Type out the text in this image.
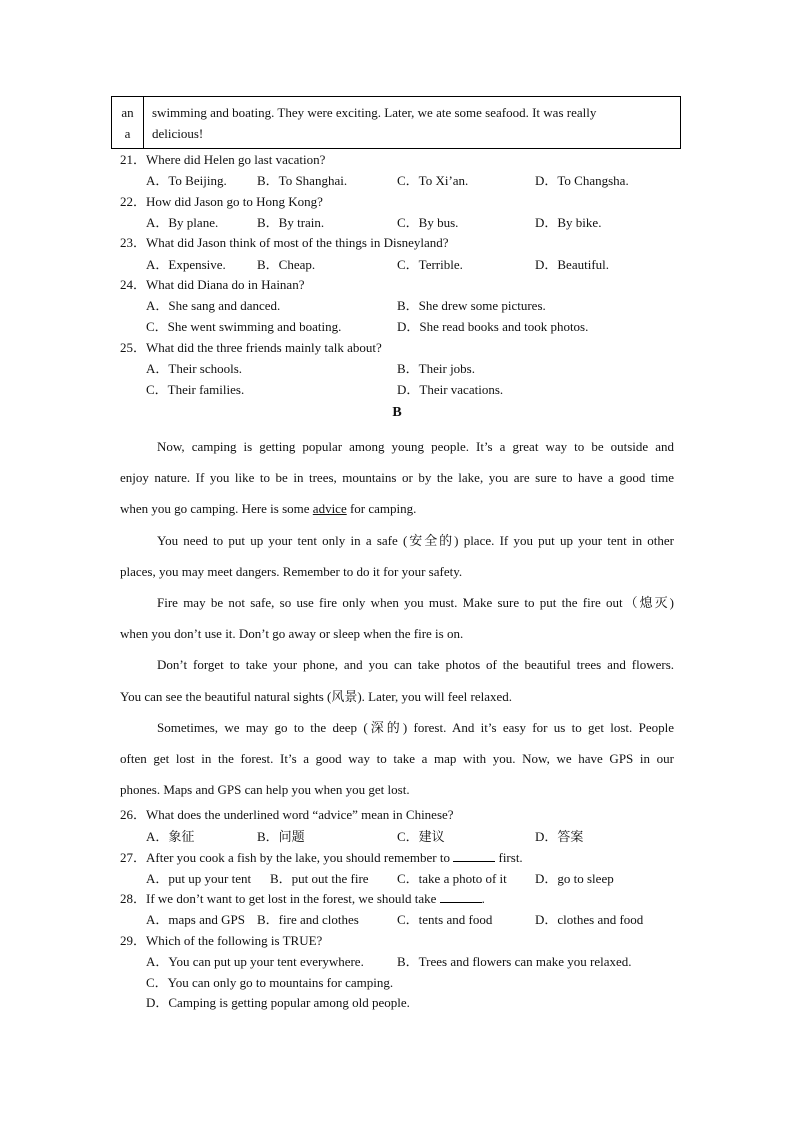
an
a
swimming and boating. They were exciting. Later, we ate some seafood. It was really
delicious!
21．Where did Helen go last vacation?
A．To Beijing. B．To Shanghai.	C．To Xi’an.	D．To Changsha.
22．How did Jason go to Hong Kong?
A．By plane.	B．By train.	C．By bus.	D．By bike.
23．What did Jason think of most of the things in Disneyland?
A．Expensive. B．Cheap.	C．Terrible.	D．Beautiful.
24．What did Diana do in Hainan?
A．She sang and danced.	B．She drew some pictures.
C．She went swimming and boating.	D．She read books and took photos.
25．What did the three friends mainly talk about?
A．Their schools.	B．Their jobs.
C．Their families.	D．Their vacations.
B
Now, camping is getting popular among young people. It’s a great way to be outside and
enjoy nature. If you like to be in trees, mountains or by the lake, you are sure to have a good time
when you go camping. Here is some advice for camping.
You need to put up your tent only in a safe (安全的) place. If you put up your tent in other
places, you may meet dangers. Remember to do it for your safety.
Fire may be not safe, so use fire only when you must. Make sure to put the fire out（熄灭)
when you don’t use it. Don’t go away or sleep when the fire is on.
Don’t forget to take your phone, and you can take photos of the beautiful trees and flowers.
You can see the beautiful natural sights (风景). Later, you will feel relaxed.
Sometimes, we may go to the deep (深的) forest. And it’s easy for us to get lost. People
often get lost in the forest. It’s a good way to take a map with you. Now, we have GPS in our
phones. Maps and GPS can help you when you get lost.
26．What does the underlined word “advice” mean in Chinese?
A．象征	B．问题	C．建议	D．答案
27．After you cook a fish by the lake, you should remember to	first.
A．put up your tent B．put out the fire C．take a photo of it D．go to sleep
28．If we don’t want to get lost in the forest, we should take	.
A．maps and GPS B．fire and clothes	C．tents and food	D．clothes and food
29．Which of the following is TRUE?
A．You can put up your tent everywhere.	B．Trees and flowers can make you relaxed.
C．You can only go to mountains for camping.
D．Camping is getting popular among old people.
